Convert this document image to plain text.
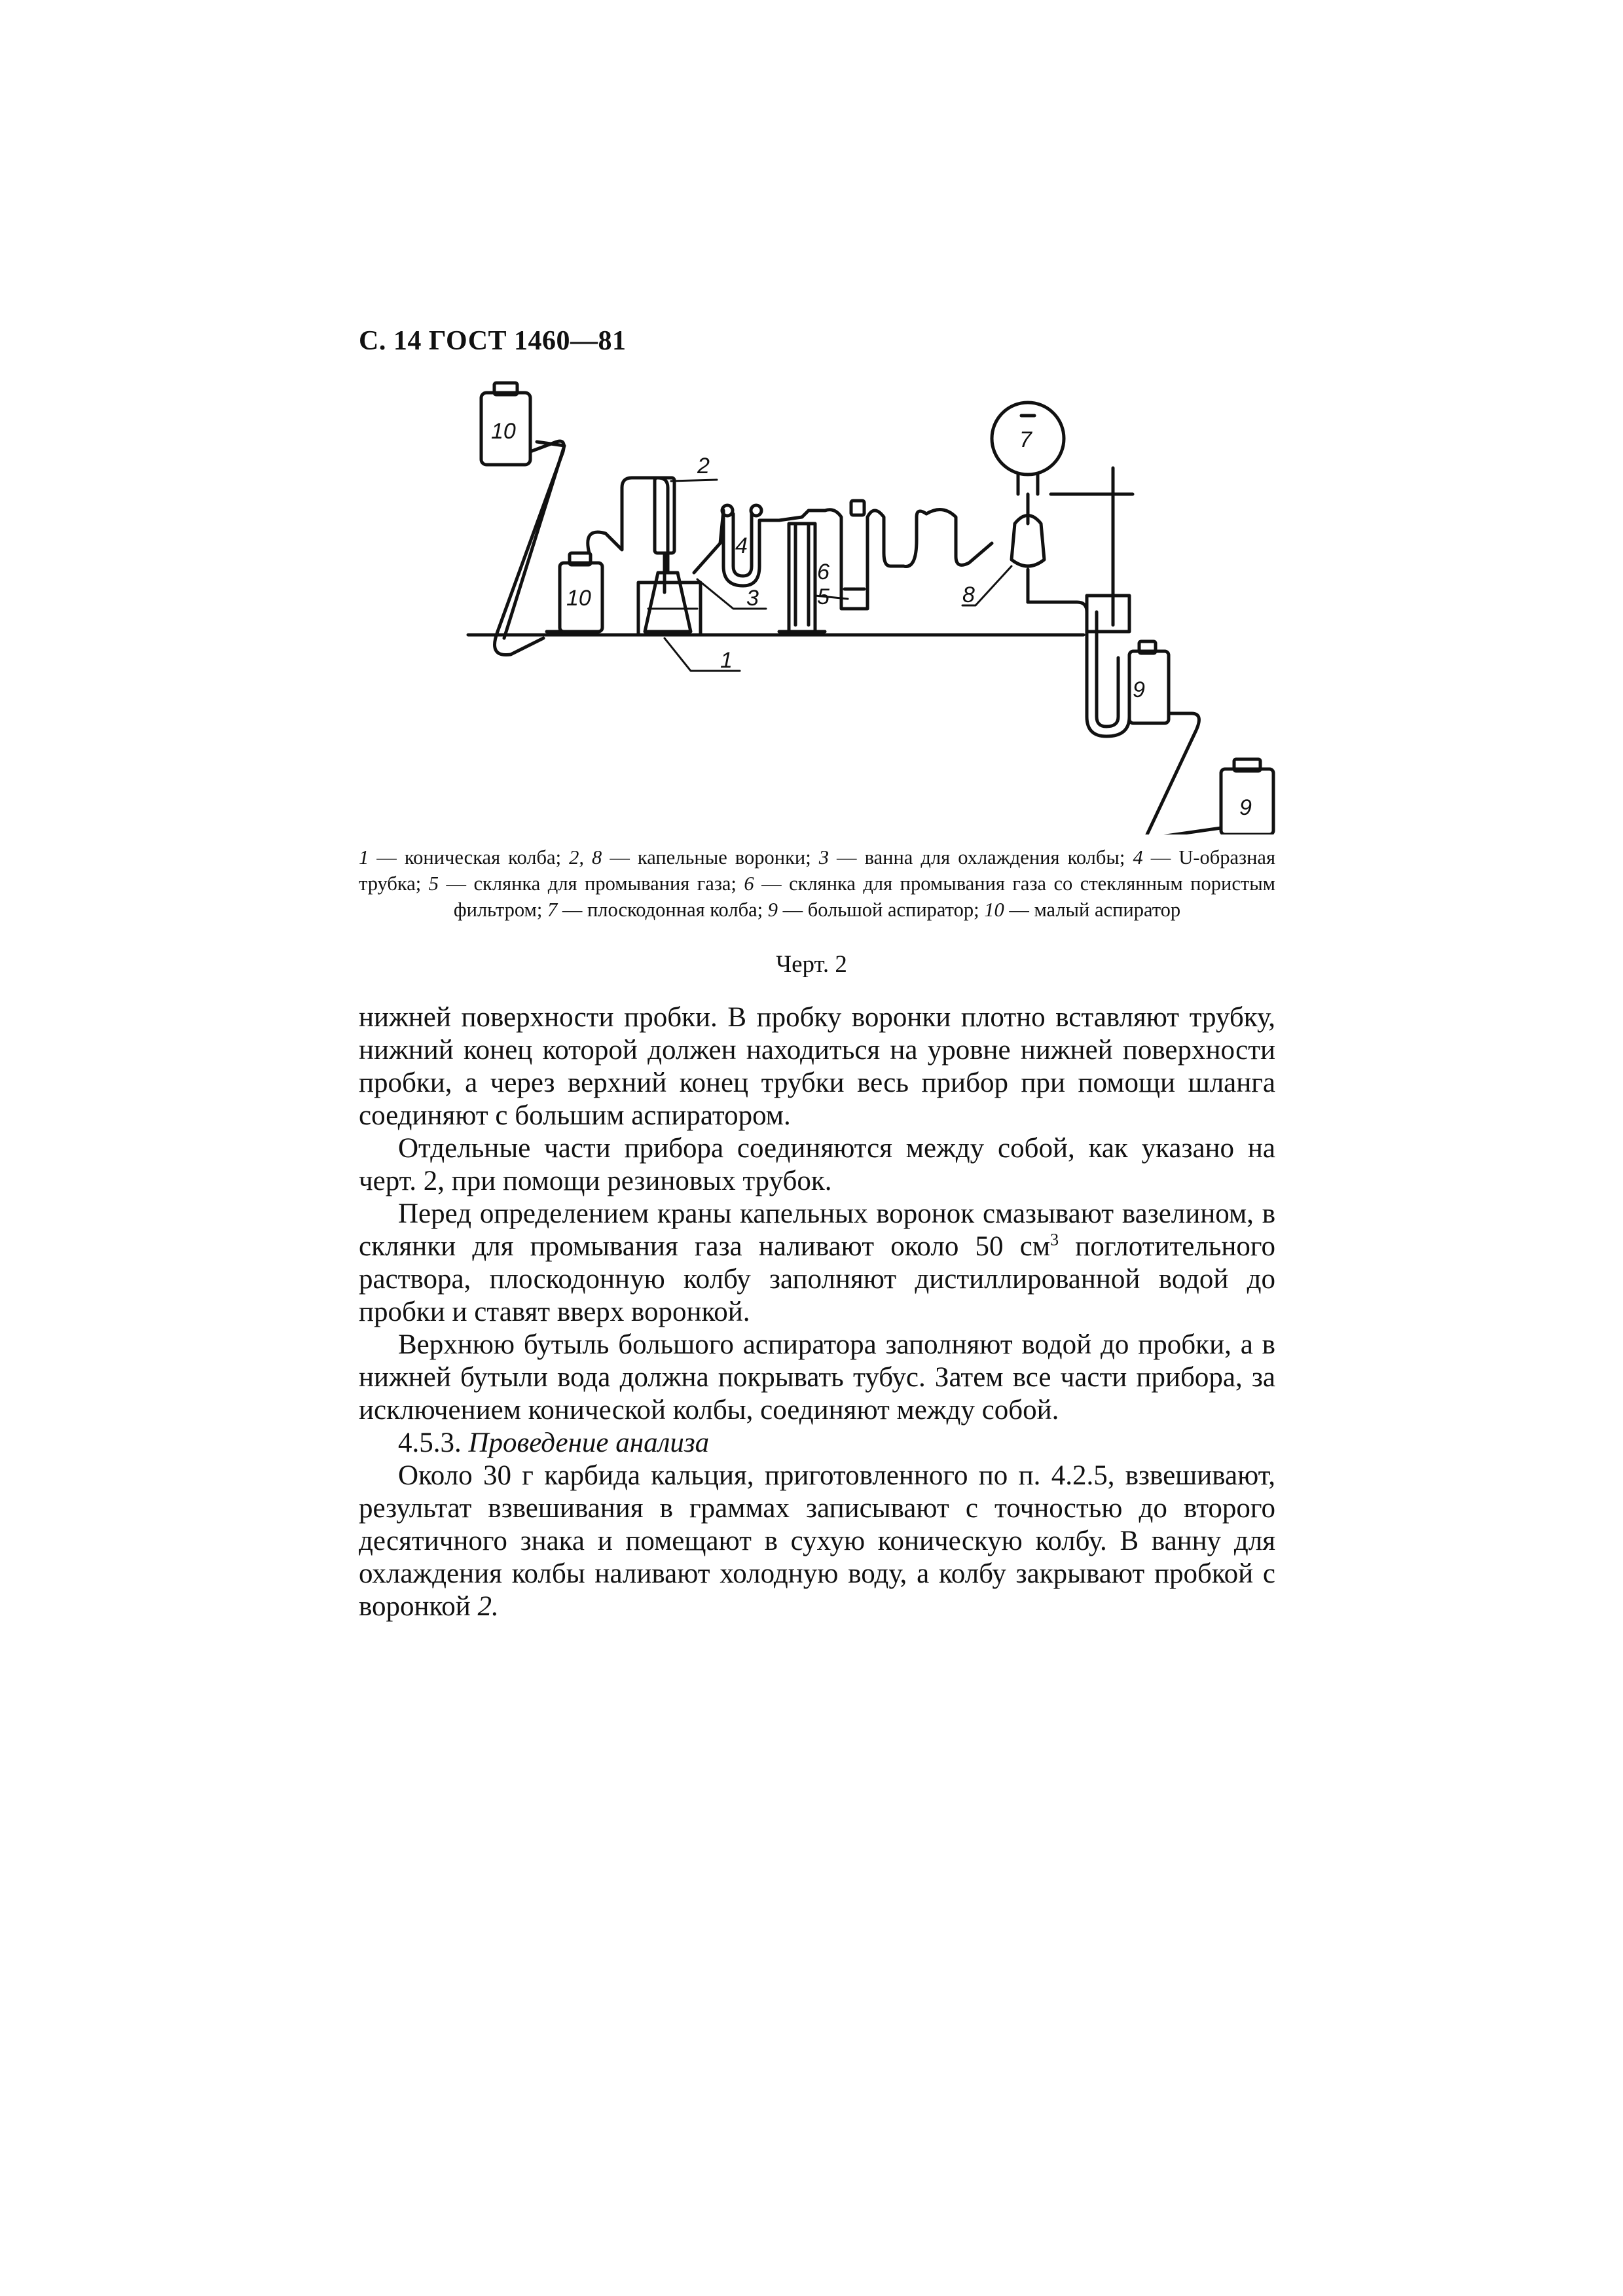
С. 14 ГОСТ 1460—81
10
10
2
4
3
1
6
5
7
8
9
9
1 — коническая колба; 2, 8 — капельные воронки; 3 — ванна для охлаждения колбы; 4 — U-образная трубка; 5 — склянка для промывания газа; 6 — склянка для промывания газа со стеклянным пористым фильтром; 7 — плоскодонная колба; 9 — большой аспиратор; 10 — малый аспиратор
Черт. 2

нижней поверхности пробки. В пробку воронки плотно вставляют трубку, нижний конец которой должен находиться на уровне нижней поверхности пробки, а через верхний конец трубки весь прибор при помощи шланга соединяют с большим аспиратором.

Отдельные части прибора соединяются между собой, как указано на черт. 2, при помощи резиновых трубок.

Перед определением краны капельных воронок смазывают вазелином, в склянки для промывания газа наливают около 50 $см^3$ поглотительного раствора, плоскодонную колбу заполняют дистиллированной водой до пробки и ставят вверх воронкой.

Верхнюю бутыль большого аспиратора заполняют водой до пробки, а в нижней бутыли вода должна покрывать тубус. Затем все части прибора, за исключением конической колбы, соединяют между собой.

4.5.3. Проведение анализа

Около 30 г карбида кальция, приготовленного по п. 4.2.5, взвешивают, результат взвешивания в граммах записывают с точностью до второго десятичного знака и помещают в сухую коническую колбу. В ванну для охлаждения колбы наливают холодную воду, а колбу закрывают пробкой с воронкой 2.
